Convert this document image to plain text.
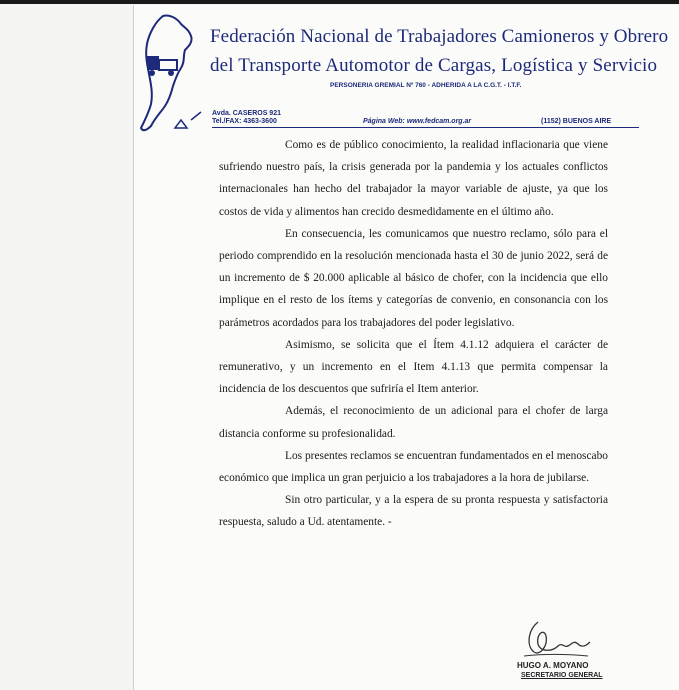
Federación Nacional de Trabajadores Camioneros y Obrero
del Transporte Automotor de Cargas, Logística y Servicio
PERSONERIA GREMIAL Nº 760 - ADHERIDA A LA C.G.T. - I.T.F.
Avda. CASEROS 921
Tel./FAX: 4363-3600	Página Web: www.fedcam.org.ar	(1152) BUENOS AIRE

Como es de público conocimiento, la realidad inflacionaria que viene sufriendo nuestro país, la crisis generada por la pandemia y los actuales conflictos internacionales han hecho del trabajador la mayor variable de ajuste, ya que los costos de vida y alimentos han crecido desmedidamente en el último año.

En consecuencia, les comunicamos que nuestro reclamo, sólo para el periodo comprendido en la resolución mencionada hasta el 30 de junio 2022, será de un incremento de $ 20.000 aplicable al básico de chofer, con la incidencia que ello implique en el resto de los ítems y categorías de convenio, en consonancia con los parámetros acordados para los trabajadores del poder legislativo.

Asimismo, se solicita que el Ítem 4.1.12 adquiera el carácter de remunerativo, y un incremento en el Item 4.1.13 que permita compensar la incidencia de los descuentos que sufriría el Item anterior.

Además, el reconocimiento de un adicional para el chofer de larga distancia conforme su profesionalidad.

Los presentes reclamos se encuentran fundamentados en el menoscabo económico que implica un gran perjuicio a los trabajadores a la hora de jubilarse.

Sin otro particular, y a la espera de su pronta respuesta y satisfactoria respuesta, saludo a Ud. atentamente. -

HUGO A. MOYANO
SECRETARIO GENERAL
